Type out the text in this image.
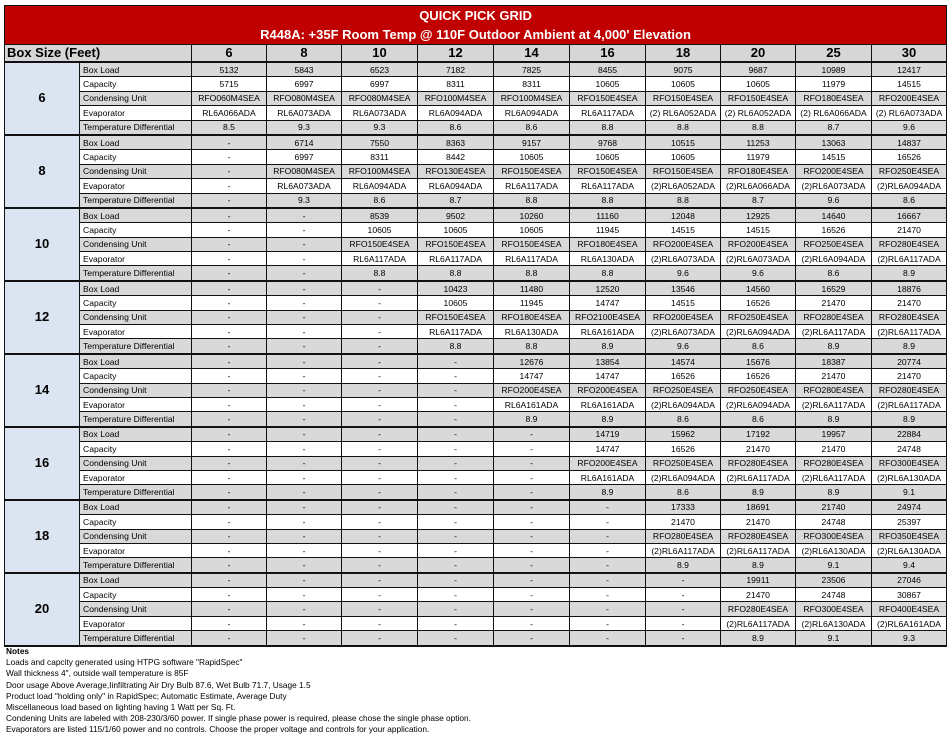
QUICK PICK GRID											
R448A: +35F Room Temp @ 110F Outdoor Ambient at 4,000' Elevation											
Box Size (Feet)		6	8	10	12	14	16	18	20	25	30
6	Box Load	5132	5843	6523	7182	7825	8455	9075	9687	10989	12417
	Capacity	5715	6997	6997	8311	8311	10605	10605	10605	11979	14515
	Condensing Unit	RFO060M4SEA	RFO080M4SEA	RFO080M4SEA	RFO100M4SEA	RFO100M4SEA	RFO150E4SEA	RFO150E4SEA	RFO150E4SEA	RFO180E4SEA	RFO200E4SEA
	Evaporator	RL6A066ADA	RL6A073ADA	RL6A073ADA	RL6A094ADA	RL6A094ADA	RL6A117ADA	(2) RL6A052ADA	(2) RL6A052ADA	(2) RL6A066ADA	(2) RL6A073ADA
	Temperature Differential	8.5	9.3	9.3	8.6	8.6	8.8	8.8	8.8	8.7	9.6
8	Box Load	-	6714	7550	8363	9157	9768	10515	11253	13063	14837
	Capacity	-	6997	8311	8442	10605	10605	10605	11979	14515	16526
	Condensing Unit	-	RFO080M4SEA	RFO100M4SEA	RFO130E4SEA	RFO150E4SEA	RFO150E4SEA	RFO150E4SEA	RFO180E4SEA	RFO200E4SEA	RFO250E4SEA
	Evaporator	-	RL6A073ADA	RL6A094ADA	RL6A094ADA	RL6A117ADA	RL6A117ADA	(2)RL6A052ADA	(2)RL6A066ADA	(2)RL6A073ADA	(2)RL6A094ADA
	Temperature Differential	-	9.3	8.6	8.7	8.8	8.8	8.8	8.7	9.6	8.6
10	Box Load	-	-	8539	9502	10260	11160	12048	12925	14640	16667
	Capacity	-	-	10605	10605	10605	11945	14515	14515	16526	21470
	Condensing Unit	-	-	RFO150E4SEA	RFO150E4SEA	RFO150E4SEA	RFO180E4SEA	RFO200E4SEA	RFO200E4SEA	RFO250E4SEA	RFO280E4SEA
	Evaporator	-	-	RL6A117ADA	RL6A117ADA	RL6A117ADA	RL6A130ADA	(2)RL6A073ADA	(2)RL6A073ADA	(2)RL6A094ADA	(2)RL6A117ADA
	Temperature Differential	-	-	8.8	8.8	8.8	8.8	9.6	9.6	8.6	8.9
12	Box Load	-	-	-	10423	11480	12520	13546	14560	16529	18876
	Capacity	-	-	-	10605	11945	14747	14515	16526	21470	21470
	Condensing Unit	-	-	-	RFO150E4SEA	RFO180E4SEA	RFO2100E4SEA	RFO200E4SEA	RFO250E4SEA	RFO280E4SEA	RFO280E4SEA
	Evaporator	-	-	-	RL6A117ADA	RL6A130ADA	RL6A161ADA	(2)RL6A073ADA	(2)RL6A094ADA	(2)RL6A117ADA	(2)RL6A117ADA
	Temperature Differential	-	-	-	8.8	8.8	8.9	9.6	8.6	8.9	8.9
14	Box Load	-	-	-	-	12676	13854	14574	15676	18387	20774
	Capacity	-	-	-	-	14747	14747	16526	16526	21470	21470
	Condensing Unit	-	-	-	-	RFO200E4SEA	RFO200E4SEA	RFO250E4SEA	RFO250E4SEA	RFO280E4SEA	RFO280E4SEA
	Evaporator	-	-	-	-	RL6A161ADA	RL6A161ADA	(2)RL6A094ADA	(2)RL6A094ADA	(2)RL6A117ADA	(2)RL6A117ADA
	Temperature Differential	-	-	-	-	8.9	8.9	8.6	8.6	8.9	8.9
16	Box Load	-	-	-	-	-	14719	15962	17192	19957	22884
	Capacity	-	-	-	-	-	14747	16526	21470	21470	24748
	Condensing Unit	-	-	-	-	-	RFO200E4SEA	RFO250E4SEA	RFO280E4SEA	RFO280E4SEA	RFO300E4SEA
	Evaporator	-	-	-	-	-	RL6A161ADA	(2)RL6A094ADA	(2)RL6A117ADA	(2)RL6A117ADA	(2)RL6A130ADA
	Temperature Differential	-	-	-	-	-	8.9	8.6	8.9	8.9	9.1
18	Box Load	-	-	-	-	-	-	17333	18691	21740	24974
	Capacity	-	-	-	-	-	-	21470	21470	24748	25397
	Condensing Unit	-	-	-	-	-	-	RFO280E4SEA	RFO280E4SEA	RFO300E4SEA	RFO350E4SEA
	Evaporator	-	-	-	-	-	-	(2)RL6A117ADA	(2)RL6A117ADA	(2)RL6A130ADA	(2)RL6A130ADA
	Temperature Differential	-	-	-	-	-	-	8.9	8.9	9.1	9.4
20	Box Load	-	-	-	-	-	-	-	19911	23506	27046
	Capacity	-	-	-	-	-	-	-	21470	24748	30867
	Condensing Unit	-	-	-	-	-	-	-	RFO280E4SEA	RFO300E4SEA	RFO400E4SEA
	Evaporator	-	-	-	-	-	-	-	(2)RL6A117ADA	(2)RL6A130ADA	(2)RL6A161ADA
	Temperature Differential	-	-	-	-	-	-	-	8.9	9.1	9.3
Notes
Loads and capcity generated using HTPG software "RapidSpec"
Wall thickness 4", outside wall temperature is 85F
Door usage Above Average,Iinfiltrating Air Dry Bulb 87.6, Wet Bulb 71.7, Usage 1.5
Product load "holding only" in RapidSpec; Automatic Estimate, Average Duty
Miscellaneous load based on lighting having 1 Watt per Sq. Ft.
Condening Units are labeled with 208-230/3/60 power. If single phase power is required, please chose the single phase option.
Evaporators are listed 115/1/60 power and no controls. Choose the proper voltage and controls for your application.
